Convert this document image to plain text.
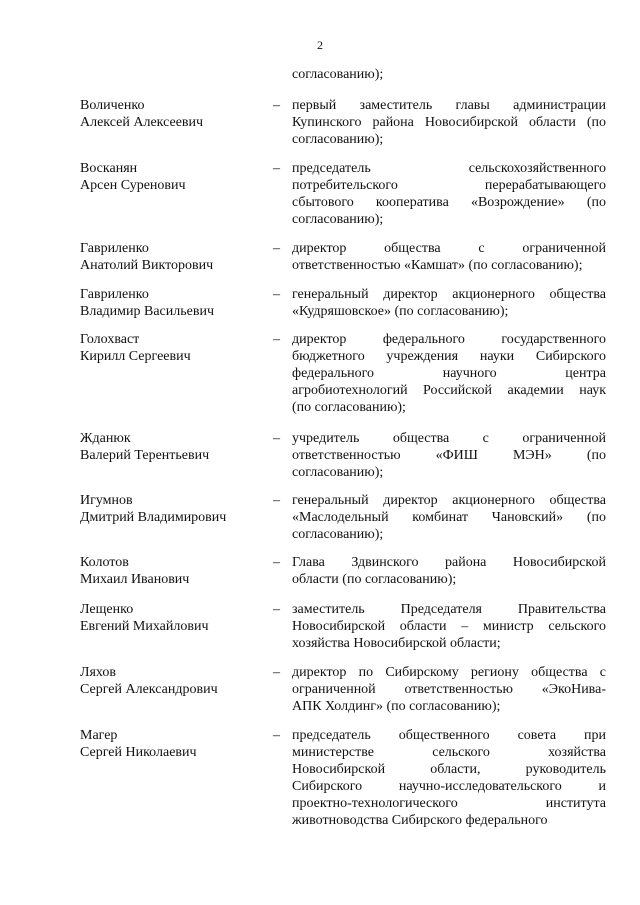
2
согласованию);
Воличенко
Алексей Алексеевич
– первый заместитель главы администрации
Купинского района Новосибирской области (по
согласованию);
Восканян
Арсен Суренович
– председатель сельскохозяйственного
потребительского перерабатывающего
сбытового кооператива «Возрождение» (по
согласованию);
Гавриленко
Анатолий Викторович
– директор общества с ограниченной
ответственностью «Камшат» (по согласованию);
Гавриленко
Владимир Васильевич
– генеральный директор акционерного общества
«Кудряшовское» (по согласованию);
Голохваст
Кирилл Сергеевич
– директор федерального государственного
бюджетного учреждения науки Сибирского
федерального научного центра
агробиотехнологий Российской академии наук
(по согласованию);
Жданюк
Валерий Терентьевич
– учредитель общества с ограниченной
ответственностью «ФИШ МЭН» (по
согласованию);
Игумнов
Дмитрий Владимирович
– генеральный директор акционерного общества
«Маслодельный комбинат Чановский» (по
согласованию);
Колотов
Михаил Иванович
– Глава Здвинского района Новосибирской
области (по согласованию);
Лещенко
Евгений Михайлович
– заместитель Председателя Правительства
Новосибирской области – министр сельского
хозяйства Новосибирской области;
Ляхов
Сергей Александрович
– директор по Сибирскому региону общества с
ограниченной ответственностью «ЭкоНива-
АПК Холдинг» (по согласованию);
Магер
Сергей Николаевич
– председатель общественного совета при
министерстве сельского хозяйства
Новосибирской области, руководитель
Сибирского научно-исследовательского и
проектно-технологического института
животноводства Сибирского федерального
